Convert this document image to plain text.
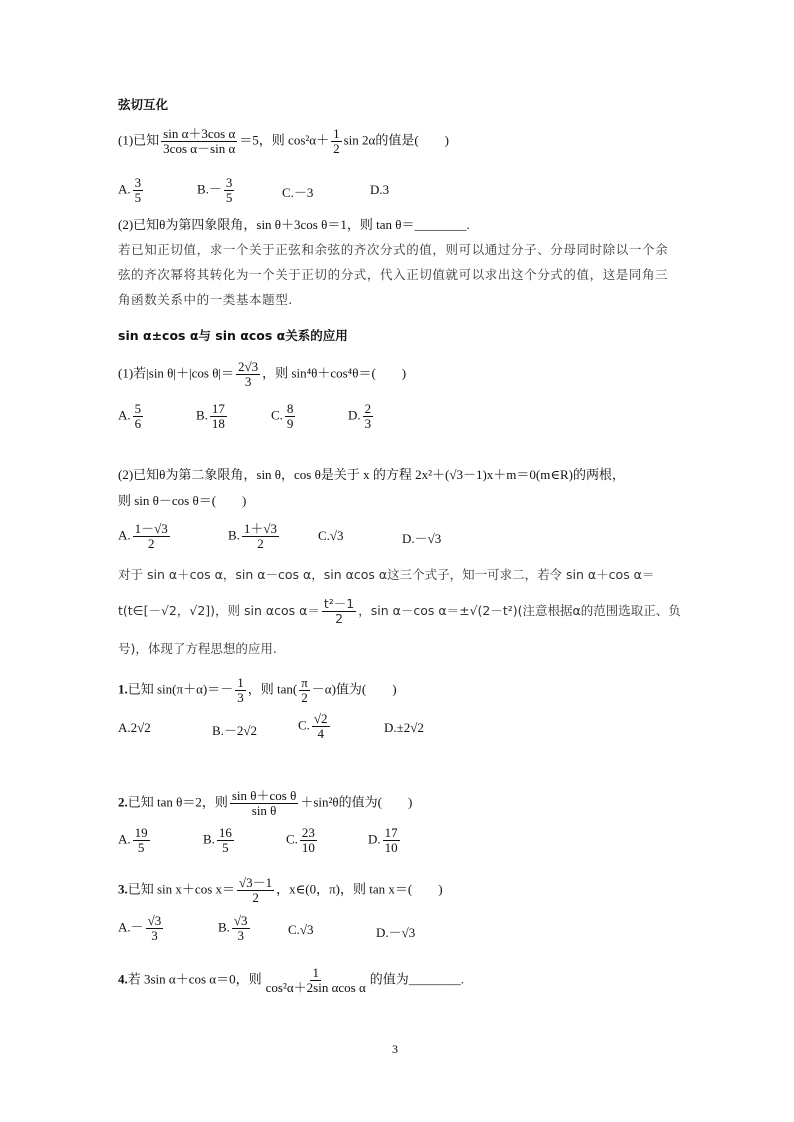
弦切互化
(1)已知 $\frac{\text{sin α＋3cos α}}{\text{3cos α－sin α}} =5$，则 $\cos^2\alpha+ \frac{1}{2}$ sin 2α的值是(　　)
A. $\frac{3}{5}$	$B.- \frac{3}{5}$	C.－3	D.3
(2)已知θ为第四象限角，sin θ＋3cos θ＝1，则 tan θ＝________.
若已知正切值，求一个关于正弦和余弦的齐次分式的值，则可以通过分子、分母同时除以一个余弦的齐次幂将其转化为一个关于正切的分式，代入正切值就可以求出这个分式的值，这是同角三角函数关系中的一类基本题型.
sin α±cos α与 sin αcos α关系的应用
(1)若|sin θ|＋|cos $\theta|= \frac{2√3}{3}$ ，则 sin⁴θ＋cos⁴θ＝(　　)
A. $\frac{5}{6}$	B. $\frac{17}{18}$	C. $\frac{8}{9}$	D. $\frac{2}{3}$
(2)已知θ为第二象限角，sin θ，cos θ是关于 x 的方程 2x²＋(√3－1)x＋m＝0(m∈R)的两根，
则 sin θ－cos θ＝(　　)
A. $\frac{1-√3}{2}$	B. $\frac{1+√3}{2}$	C.√3	D.－√3
对于 sin α＋cos α，sin α－cos α，sin αcos α这三个式子，知一可求二，若令 sin α＋cos α＝
t(t∈[－√2，√2])，则 sin αcos $\alpha= \frac{\text{t²－1}}{2}$ ，sin α－cos α＝±√(2－t²)(注意根据α的范围选取正、负
号)，体现了方程思想的应用.
1.已知 $\sin(\pi+\alpha)=- \frac{1}{3}$ ，则 $\tan( \frac{\pi}{2} -\alpha)$值为(　　)
A.2√2	B.－2√2	C. $\frac{√2}{4}$	D.±2√2
2.已知 tan θ＝2，则 $\frac{\text{sin θ＋cos θ}}{\text{sin θ}} +\sin^2\theta$的值为(　　)
A. $\frac{19}{5}$	B. $\frac{16}{5}$	C. $\frac{23}{10}$	D. $\frac{17}{10}$
3.已知 sin x＋cos $x= \frac{√3-1}{2}$ ，x∈(0，π)，则 tan x＝(　　)
$A.- \frac{√3}{3}$	B. $\frac{√3}{3}$	C.√3	D.－√3
4.若 3sin α＋cos α＝0，则 $\frac{1}{\text{cos²α＋2sin αcos α}}$ 的值为________.
3
